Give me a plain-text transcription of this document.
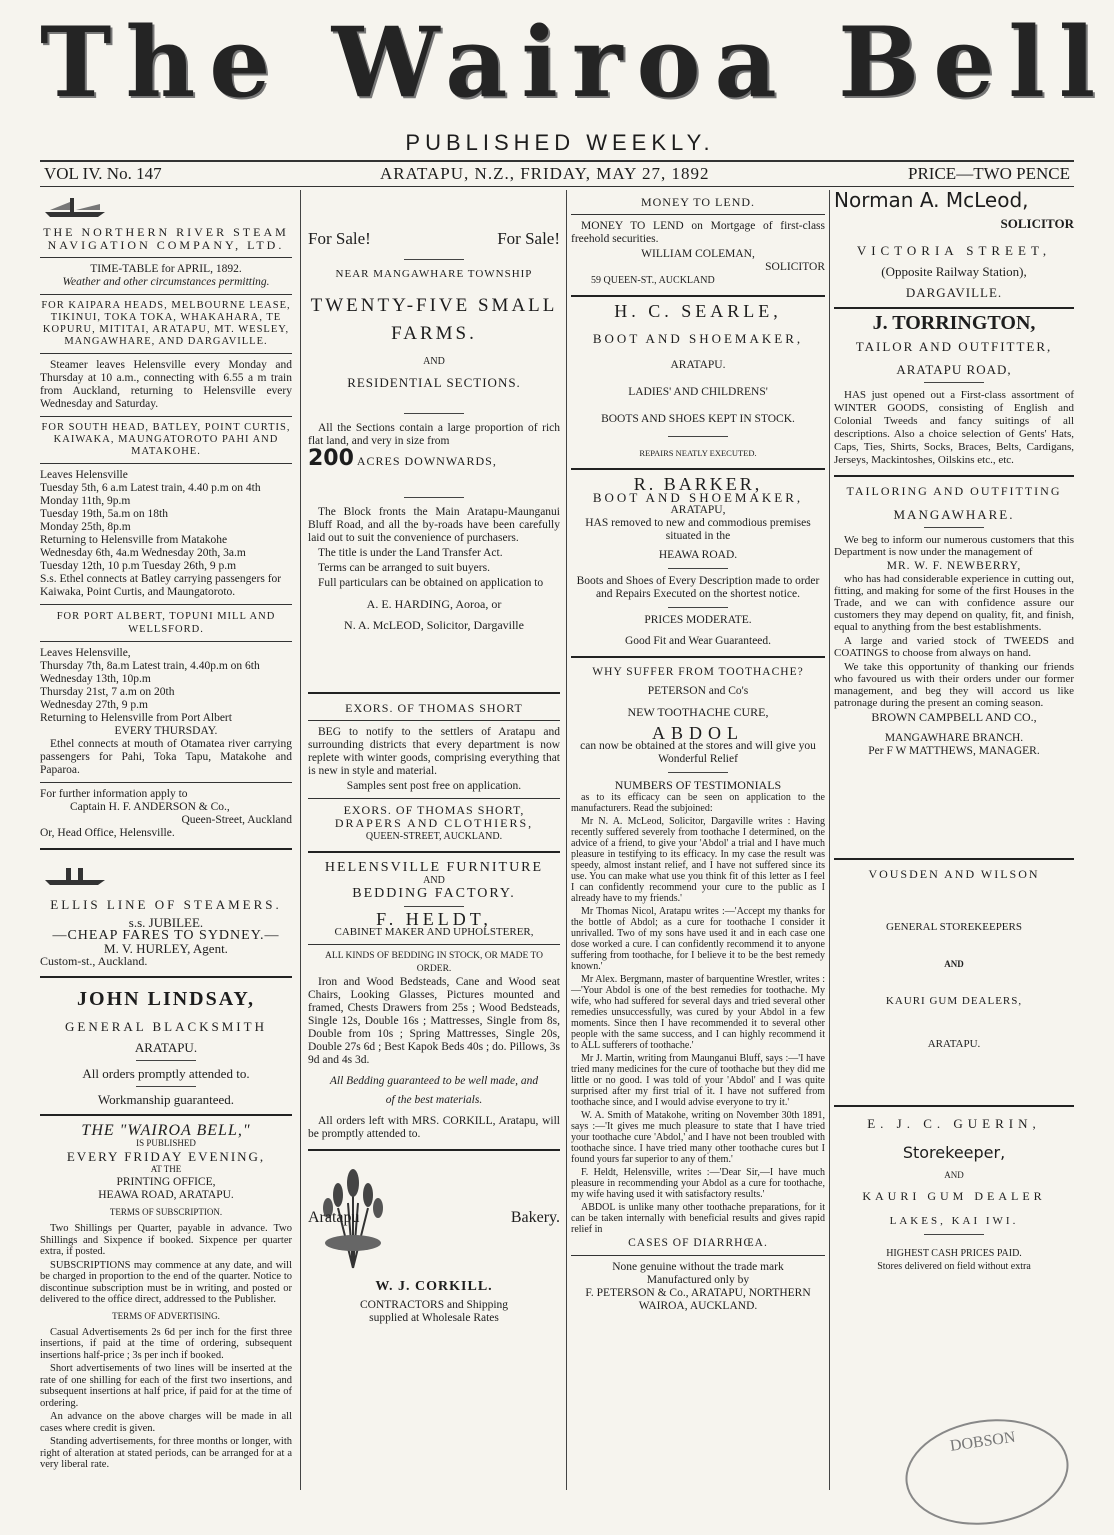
The Wairoa Bell
PUBLISHED WEEKLY.
VOL IV. No. 147	ARATAPU, N.Z., FRIDAY, MAY 27, 1892	PRICE—TWO PENCE
THE NORTHERN RIVER STEAM NAVIGATION COMPANY, LTD.
TIME-TABLE for APRIL, 1892.
Weather and other circumstances permitting.
FOR KAIPARA HEADS, MELBOURNE LEASE, TIKINUI, TOKA TOKA, WHAKAHARA, TE KOPURU, MITITAI, ARATAPU, MT. WESLEY, MANGAWHARE, AND DARGAVILLE.

Steamer leaves Helensville every Monday and Thursday at 10 a.m., connecting with 6.55 a m train from Auckland, returning to Helensville every Wednesday and Saturday.

FOR SOUTH HEAD, BATLEY, POINT CURTIS, KAIWAKA, MAUNGATOROTO PAHI AND MATAKOHE.
Leaves Helensville
Tuesday 5th, 6 a.m Latest train, 4.40 p.m on 4th
Monday 11th, 9p.m
Tuesday 19th, 5a.m on 18th
Monday 25th, 8p.m
Returning to Helensville from Matakohe
Wednesday 6th, 4a.m Wednesday 20th, 3a.m
Tuesday 12th, 10 p.m Tuesday 26th, 9 p.m
S.s. Ethel connects at Batley carrying passengers for Kaiwaka, Point Curtis, and Maungatoroto.
FOR PORT ALBERT, TOPUNI MILL AND WELLSFORD.
Leaves Helensville,
Thursday 7th, 8a.m Latest train, 4.40p.m on 6th
Wednesday 13th, 10p.m
Thursday 21st, 7 a.m on 20th
Wednesday 27th, 9 p.m
Returning to Helensville from Port Albert
EVERY THURSDAY.

Ethel connects at mouth of Otamatea river carrying passengers for Pahi, Toka Tapu, Matakohe and Paparoa.

For further information apply to
Captain H. F. ANDERSON & Co.,
Queen-Street, Auckland
Or, Head Office, Helensville.
ELLIS LINE OF STEAMERS.
s.s. JUBILEE.
—CHEAP FARES TO SYDNEY.—
M. V. HURLEY, Agent.
Custom-st., Auckland.
JOHN LINDSAY,
GENERAL BLACKSMITH
ARATAPU.
All orders promptly attended to.
Workmanship guaranteed.
THE "WAIROA BELL,"
IS PUBLISHED
EVERY FRIDAY EVENING,
AT THE
PRINTING OFFICE,
HEAWA ROAD, ARATAPU.
TERMS OF SUBSCRIPTION.

Two Shillings per Quarter, payable in advance. Two Shillings and Sixpence if booked. Sixpence per quarter extra, if posted.

SUBSCRIPTIONS may commence at any date, and will be charged in proportion to the end of the quarter. Notice to discontinue subscription must be in writing, and posted or delivered to the office direct, addressed to the Publisher.

TERMS OF ADVERTISING.

Casual Advertisements 2s 6d per inch for the first three insertions, if paid at the time of ordering, subsequent insertions half-price ; 3s per inch if booked.

Short advertisements of two lines will be inserted at the rate of one shilling for each of the first two insertions, and subsequent insertions at half price, if paid for at the time of ordering.

An advance on the above charges will be made in all cases where credit is given.

Standing advertisements, for three months or longer, with right of alteration at stated periods, can be arranged for at a very liberal rate.

For Sale!	For Sale!
NEAR MANGAWHARE TOWNSHIP
TWENTY-FIVE SMALL
FARMS.
AND
RESIDENTIAL SECTIONS.

All the Sections contain a large proportion of rich flat land, and very in size from

200 ACRES DOWNWARDS,

The Block fronts the Main Aratapu-Maunganui Bluff Road, and all the by-roads have been carefully laid out to suit the convenience of purchasers.

The title is under the Land Transfer Act.

Terms can be arranged to suit buyers.

Full particulars can be obtained on application to

A. E. HARDING, Aoroa, or
N. A. McLEOD, Solicitor, Dargaville
EXORS. OF THOMAS SHORT

BEG to notify to the settlers of Aratapu and surrounding districts that every department is now replete with winter goods, comprising everything that is new in style and material.

Samples sent post free on application.
EXORS. OF THOMAS SHORT,
DRAPERS AND CLOTHIERS,
QUEEN-STREET, AUCKLAND.
HELENSVILLE FURNITURE
AND
BEDDING FACTORY.
F. HELDT,
CABINET MAKER AND UPHOLSTERER,
ALL KINDS OF BEDDING IN STOCK, OR MADE TO ORDER.

Iron and Wood Bedsteads, Cane and Wood seat Chairs, Looking Glasses, Pictures mounted and framed, Chests Drawers from 25s ; Wood Bedsteads, Single 12s, Double 16s ; Mattresses, Single from 8s, Double from 10s ; Spring Mattresses, Single 20s, Double 27s 6d ; Best Kapok Beds 40s ; do. Pillows, 3s 9d and 4s 3d.

All Bedding guaranteed to be well made, and
of the best materials.

All orders left with MRS. CORKILL, Aratapu, will be promptly attended to.

Aratapu	Bakery.
W. J. CORKILL.
CONTRACTORS and Shipping
supplied at Wholesale Rates
MONEY TO LEND.

MONEY TO LEND on Mortgage of first-class freehold securities.

WILLIAM COLEMAN,
SOLICITOR
59 QUEEN-ST., AUCKLAND
H. C. SEARLE,
BOOT AND SHOEMAKER,
ARATAPU.
LADIES' AND CHILDRENS'
BOOTS AND SHOES KEPT IN STOCK.
REPAIRS NEATLY EXECUTED.
R. BARKER,
BOOT AND SHOEMAKER,
ARATAPU,
HAS removed to new and commodious premises situated in the
HEAWA ROAD.
Boots and Shoes of Every Description made to order and Repairs Executed on the shortest notice.
PRICES MODERATE.
Good Fit and Wear Guaranteed.
WHY SUFFER FROM TOOTHACHE?
PETERSON and Co's
NEW TOOTHACHE CURE,
ABDOL
can now be obtained at the stores and will give you Wonderful Relief
NUMBERS OF TESTIMONIALS

as to its efficacy can be seen on application to the manufacturers. Read the subjoined:

Mr N. A. McLeod, Solicitor, Dargaville writes : Having recently suffered severely from toothache I determined, on the advice of a friend, to give your 'Abdol' a trial and I have much pleasure in testifying to its efficacy. In my case the result was speedy, almost instant relief, and I have not suffered since its use. You can make what use you think fit of this letter as I feel I can confidently recommend your cure to the public as I already have to my friends.'

Mr Thomas Nicol, Aratapu writes :—'Accept my thanks for the bottle of Abdol; as a cure for toothache I consider it unrivalled. Two of my sons have used it and in each case one dose worked a cure. I can confidently recommend it to anyone suffering from toothache, for I believe it to be the best remedy known.'

Mr Alex. Bergmann, master of barquentine Wrestler, writes :—'Your Abdol is one of the best remedies for toothache. My wife, who had suffered for several days and tried several other remedies unsuccessfully, was cured by your Abdol in a few moments. Since then I have recommended it to several other people with the same success, and I can highly recommend it to ALL sufferers of toothache.'

Mr J. Martin, writing from Maunganui Bluff, says :—'I have tried many medicines for the cure of toothache but they did me little or no good. I was told of your 'Abdol' and I was quite surprised after my first trial of it. I have not suffered from toothache since, and I would advise everyone to try it.'

W. A. Smith of Matakohe, writing on November 30th 1891, says :—'It gives me much pleasure to state that I have tried your toothache cure 'Abdol,' and I have not been troubled with toothache since. I have tried many other toothache cures but I found yours far superior to any of them.'

F. Heldt, Helensville, writes :—'Dear Sir,—I have much pleasure in recommending your Abdol as a cure for toothache, my wife having used it with satisfactory results.'

ABDOL is unlike many other toothache preparations, for it can be taken internally with beneficial results and gives rapid relief in

CASES OF DIARRHŒA.
None genuine without the trade mark
Manufactured only by
F. PETERSON & Co., ARATAPU, NORTHERN WAIROA, AUCKLAND.
Norman A. McLeod,
SOLICITOR
VICTORIA STREET,
(Opposite Railway Station),
DARGAVILLE.
J. TORRINGTON,
TAILOR AND OUTFITTER,
ARATAPU ROAD,

HAS just opened out a First-class assortment of WINTER GOODS, consisting of English and Colonial Tweeds and fancy suitings of all descriptions. Also a choice selection of Gents' Hats, Caps, Ties, Shirts, Socks, Braces, Belts, Cardigans, Jerseys, Mackintoshes, Oilskins etc., etc.

TAILORING AND OUTFITTING
MANGAWHARE.

We beg to inform our numerous customers that this Department is now under the management of

MR. W. F. NEWBERRY,

who has had considerable experience in cutting out, fitting, and making for some of the first Houses in the Trade, and we can with confidence assure our customers they may depend on quality, fit, and finish, equal to anything from the best establishments.

A large and varied stock of TWEEDS and COATINGS to choose from always on hand.

We take this opportunity of thanking our friends who favoured us with their orders under our former management, and beg they will accord us like patronage during the present an coming season.

BROWN CAMPBELL AND CO.,
MANGAWHARE BRANCH.
Per F W MATTHEWS, MANAGER.
VOUSDEN AND WILSON
GENERAL STOREKEEPERS
AND
KAURI GUM DEALERS,
ARATAPU.
E. J. C. GUERIN,
Storekeeper,
AND
KAURI GUM DEALER
LAKES, KAI IWI.
HIGHEST CASH PRICES PAID.
Stores delivered on field without extra
DOBSON
